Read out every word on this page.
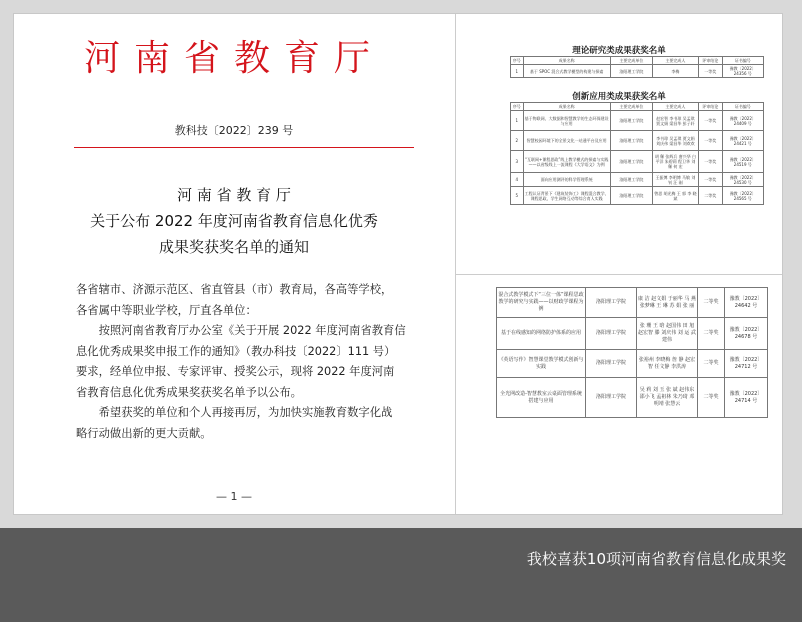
河南省教育厅
教科技〔2022〕239 号
河 南 省 教 育 厅
关于公布 2022 年度河南省教育信息化优秀
成果奖获奖名单的通知
各省辖市、济源示范区、省直管县（市）教育局，各高等学校，
各省属中等职业学校，厅直各单位：
　　按照河南省教育厅办公室《关于开展 2022 年度河南省教育信
息化优秀成果奖申报工作的通知》（教办科技〔2022〕111 号）
要求，经单位申报、专家评审、授奖公示，现将 2022 年度河南
省教育信息化优秀成果奖获奖名单予以公布。
　　希望获奖的单位和个人再接再厉，为加快实施教育数字化战
略行动做出新的更大贡献。
— 1 —
理论研究类成果获奖名单
序号	成果名称	主要完成单位	主要完成人	评审结论	证书编号
1	基于 SPOC 混合式教学模型的构建与探索	洛阳理工学院	李梅	一等奖	豫教〔2022〕24356 号
创新应用类成果获奖名单
序号	成果名称	主要完成单位	主要完成人	评审结论	证书编号
1	基于物联网、大数据和智慧教学的生态环保建设与应用	洛阳理工学院	赵宏智 李书琼 吴孟琪 贾文娟 梁昌华 彭子轩	一等奖	豫教〔2022〕24409 号
2	智慧校园环境下的全景文化一站通平台及应用	洛阳理工学院	李书琼 吴孟琪 贾文娟 刘庆伟 梁昌华 刘欢欢	一等奖	豫教〔2022〕24421 号
3	“互联网+课程思政”线上教学模式的探索与实践——以省级线上一流课程《大学语文》为例	洛阳理工学院	胡 稀 张辉兵 唐兴华 白平洋 朱碧莉 程卫华 刘 稀 何 宏	一等奖	豫教〔2022〕24519 号
4	面向应用测评的科学管理系统	洛阳理工学院	王振博 李明博 马敏 刘 钊 汪 刚	一等奖	豫教〔2022〕24530 号
5	工程认证背景下《建筑装饰工》课程混合教学、课程思政、学生网络互动等综合育人实践	洛阳理工学院	曾思 胡光梅 王 郭 李 晓 斌	二等奖	豫教〔2022〕24565 号
混合式教学模式下“三位一体”课程思政教学的研究与实践——以财政学课程为例	洛阳理工学院	康 洁 赵文娟 于丽华 马 燕 张梦琳 王 琳 苏 娟 张 丽	二等奖	豫教〔2022〕24642 号
基于在线感知的网络防护体系的应用	洛阳理工学院	张 珊 王 晗 赵国伟 田 旭 赵宏智 滕 刘庆伟 刘 运 武建伟	二等奖	豫教〔2022〕24678 号
《英语写作》智慧课堂教学模式创新与实践	洛阳理工学院	张裕州 李晓梅 詹 静 赵宏智 任文静 李洪涛	二等奖	豫教〔2022〕24712 号
全光网改造-智慧教室云桌面管理系统搭建与应用	洛阳理工学院	吴 莉 刘 玉 张 斌 赵伟东 邵小飞 孟祖林 朱乃琦 邓明靖 张慧云	二等奖	豫教〔2022〕24714 号
我校喜获10项河南省教育信息化成果奖
